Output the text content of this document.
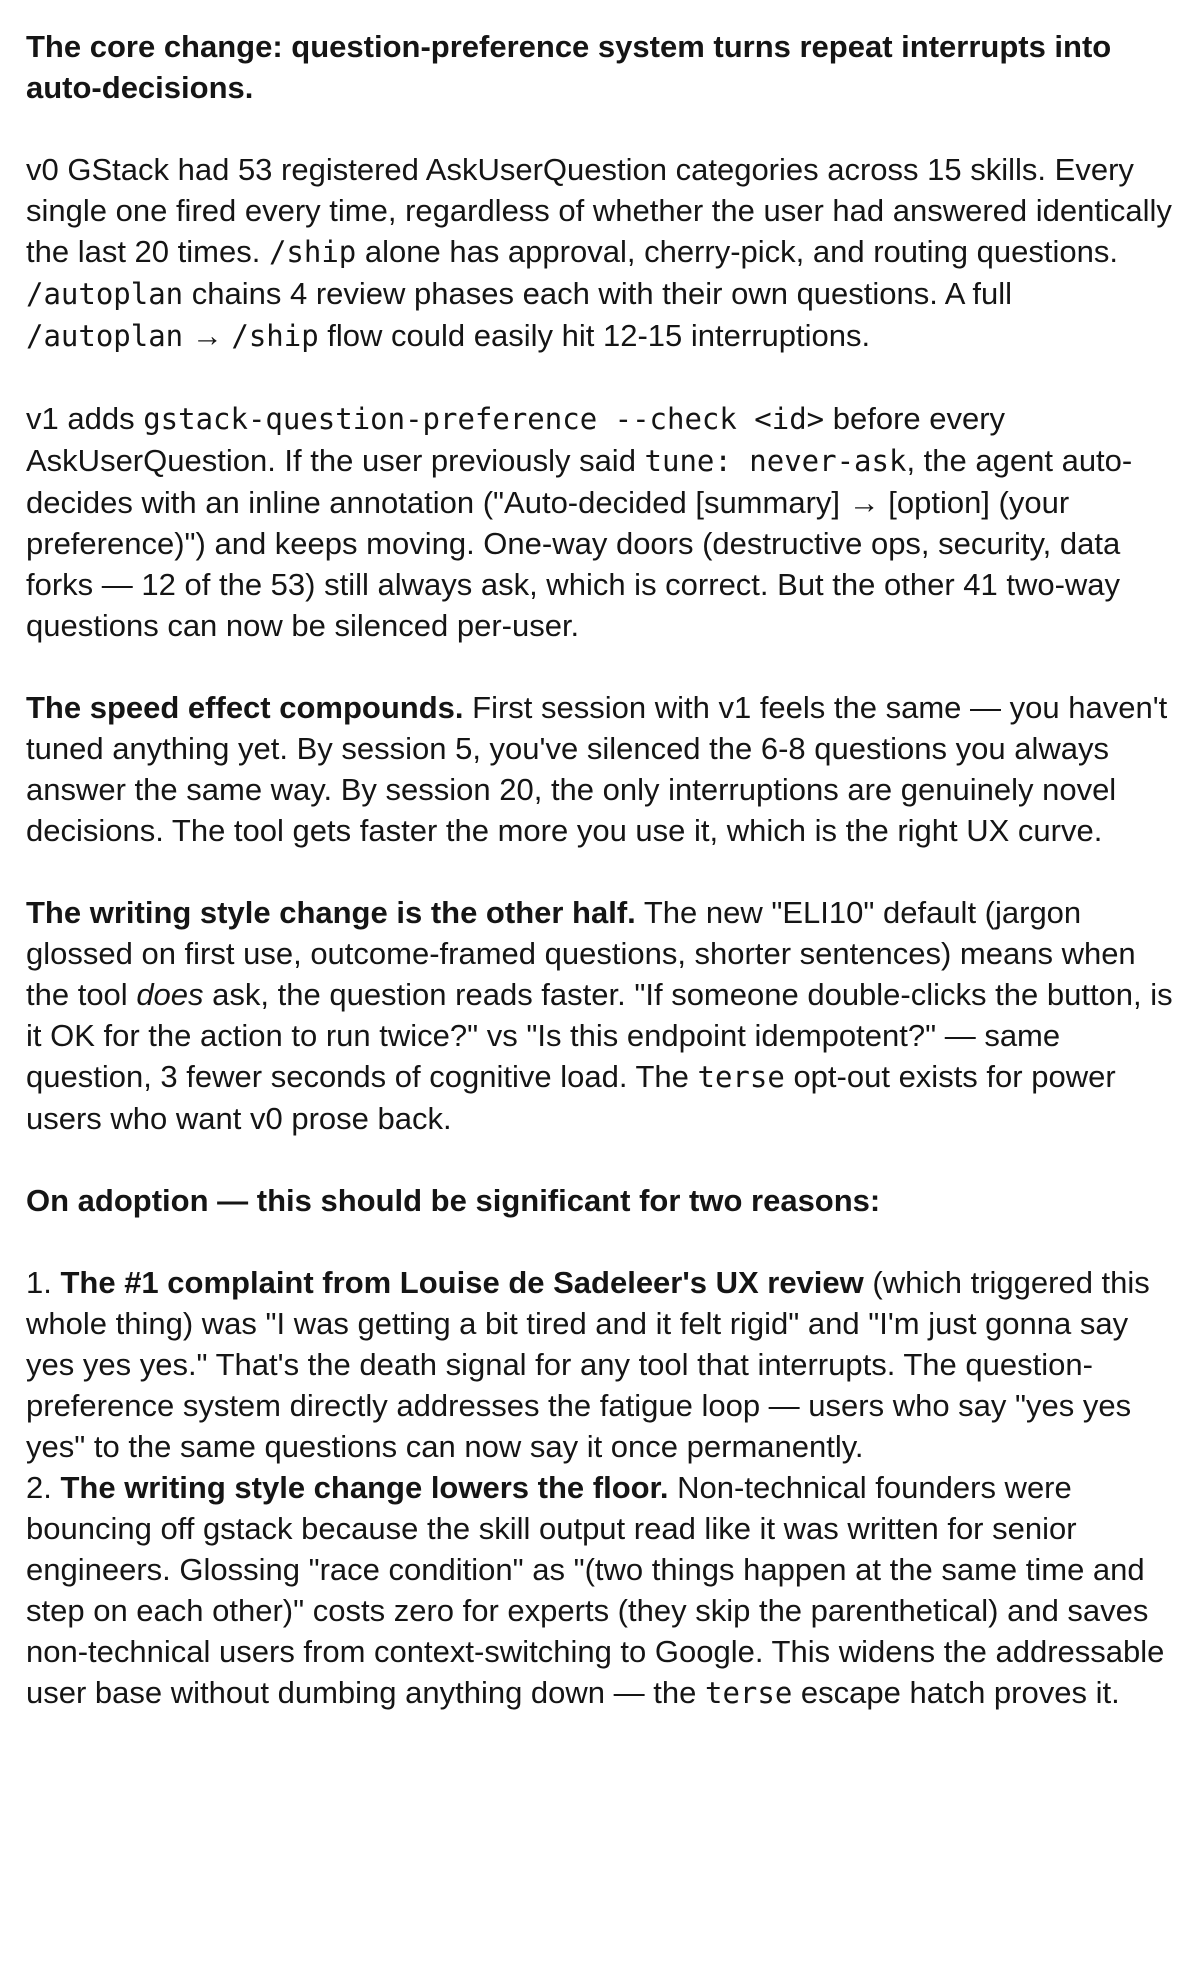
The core change: question-preference system turns repeat interrupts into auto-decisions.

v0 GStack had 53 registered AskUserQuestion categories across 15 skills. Every single one fired every time, regardless of whether the user had answered identically the last 20 times. /ship alone has approval, cherry-pick, and routing questions. /autoplan chains 4 review phases each with their own questions. A full /autoplan → /ship flow could easily hit 12-15 interruptions.

v1 adds gstack-question-preference --check <id> before every AskUserQuestion. If the user previously said tune: never-ask, the agent auto-decides with an inline annotation ("Auto-decided [summary] → [option] (your preference)") and keeps moving. One-way doors (destructive ops, security, data forks — 12 of the 53) still always ask, which is correct. But the other 41 two-way questions can now be silenced per-user.

The speed effect compounds. First session with v1 feels the same — you haven't tuned anything yet. By session 5, you've silenced the 6-8 questions you always answer the same way. By session 20, the only interruptions are genuinely novel decisions. The tool gets faster the more you use it, which is the right UX curve.

The writing style change is the other half. The new "ELI10" default (jargon glossed on first use, outcome-framed questions, shorter sentences) means when the tool does ask, the question reads faster. "If someone double-clicks the button, is it OK for the action to run twice?" vs "Is this endpoint idempotent?" — same question, 3 fewer seconds of cognitive load. The terse opt-out exists for power users who want v0 prose back.

On adoption — this should be significant for two reasons:

1. The #1 complaint from Louise de Sadeleer's UX review (which triggered this whole thing) was "I was getting a bit tired and it felt rigid" and "I'm just gonna say yes yes yes." That's the death signal for any tool that interrupts. The question-preference system directly addresses the fatigue loop — users who say "yes yes yes" to the same questions can now say it once permanently.
2. The writing style change lowers the floor. Non-technical founders were bouncing off gstack because the skill output read like it was written for senior engineers. Glossing "race condition" as "(two things happen at the same time and step on each other)" costs zero for experts (they skip the parenthetical) and saves non-technical users from context-switching to Google. This widens the addressable user base without dumbing anything down — the terse escape hatch proves it.
